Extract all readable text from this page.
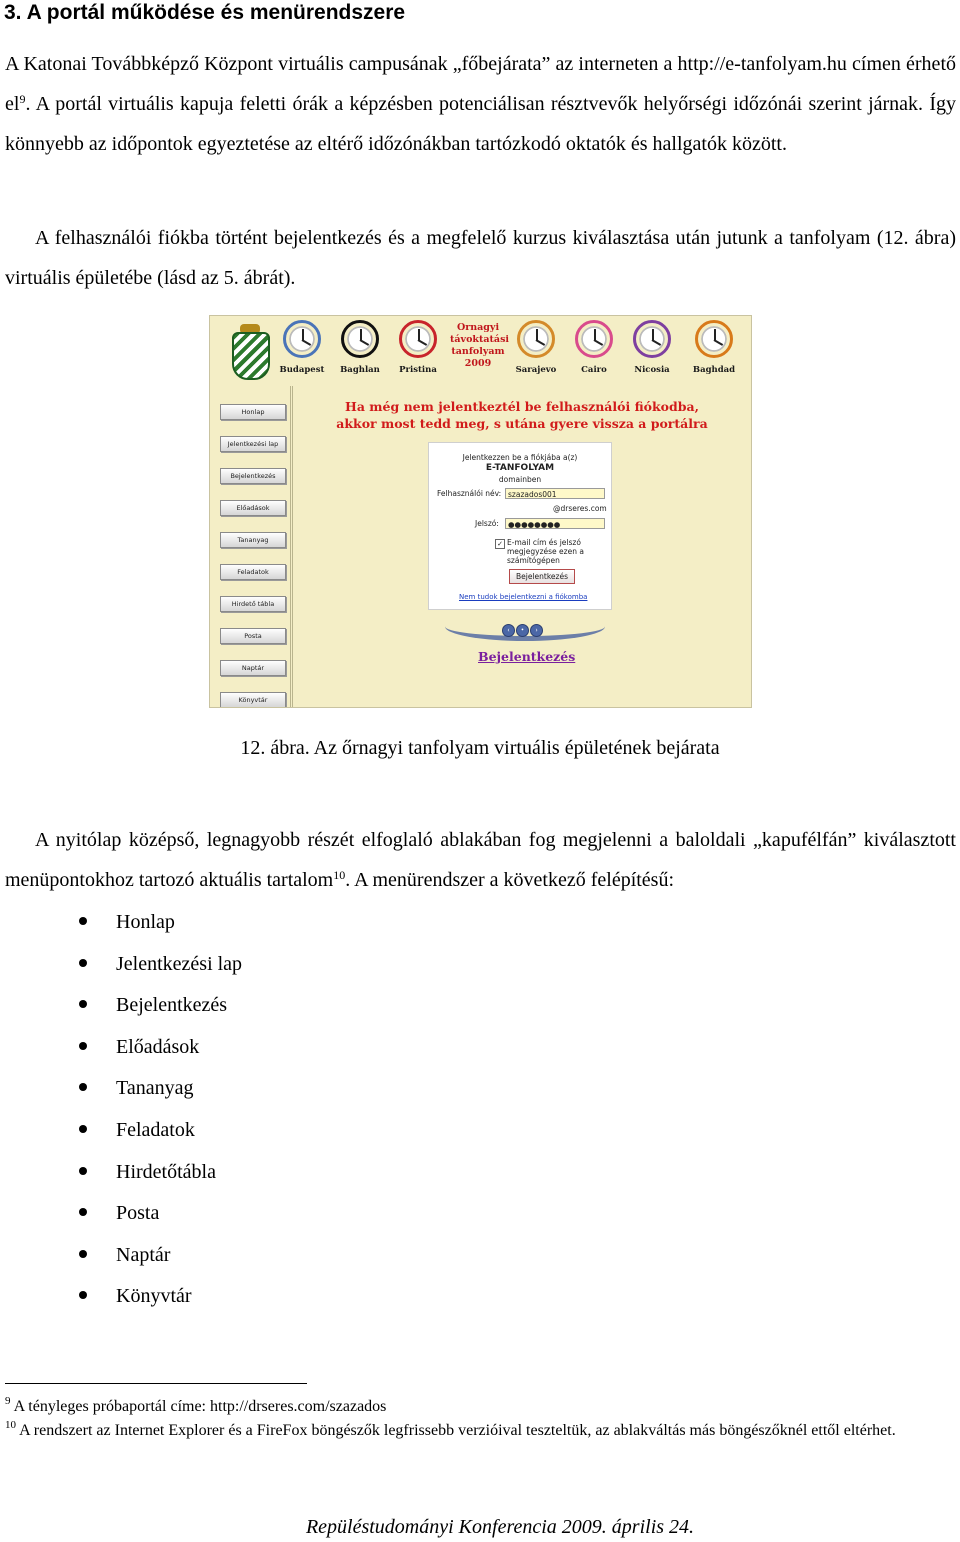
3. A portál működése és menürendszere

A Katonai Továbbképző Központ virtuális campusának „főbejárata” az interneten a http://e-tanfolyam.hu címen érhető $el^9$. A portál virtuális kapuja feletti órák a képzésben potenciálisan résztvevők helyőrségi időzónái szerint járnak. Így könnyebb az időpontok egyeztetése az eltérő időzónákban tartózkodó oktatók és hallgatók között.

A felhasználói fiókba történt bejelentkezés és a megfelelő kurzus kiválasztása után jutunk a tanfolyam (12. ábra) virtuális épületébe (lásd az 5. ábrát).

Budapest	Baghlan	Pristina
Ornagyi
távoktatási
tanfolyam
2009
Sarajevo	Cairo	Nicosia	Baghdad
Honlap
Jelentkezési lap
Bejelentkezés
Előadások
Tananyag
Feladatok
Hirdető tábla
Posta
Naptár
Könyvtár
Ha még nem jelentkeztél be felhasználói fiókodba,
akkor most tedd meg, s utána gyere vissza a portálra
Jelentkezzen be a fiókjába a(z)
E-TANFOLYAM
domainben
Felhasználói név: szazados001
@drseres.com
Jelszó:	●●●●●●●●
✓ E-mail cím és jelszó
megjegyzése ezen a
számítógépen
Bejelentkezés
Nem tudok bejelentkezni a fiókomba
‹	•	›
Bejelentkezés
12. ábra. Az őrnagyi tanfolyam virtuális épületének bejárata

A nyitólap középső, legnagyobb részét elfoglaló ablakában fog megjelenni a baloldali „kapufélfán” kiválasztott menüpontokhoz tartozó aktuális tartalom$^{10}$. A menürendszer a következő felépítésű:

Honlap
Jelentkezési lap
Bejelentkezés
Előadások
Tananyag
Feladatok
Hirdetőtábla
Posta
Naptár
Könyvtár

$^9$ A tényleges próbaportál címe: http://drseres.com/szazados

$^{10}$ A rendszert az Internet Explorer és a FireFox böngészők legfrissebb verzióival teszteltük, az ablakváltás más böngészőknél ettől eltérhet.

Repüléstudományi Konferencia 2009. április 24.
